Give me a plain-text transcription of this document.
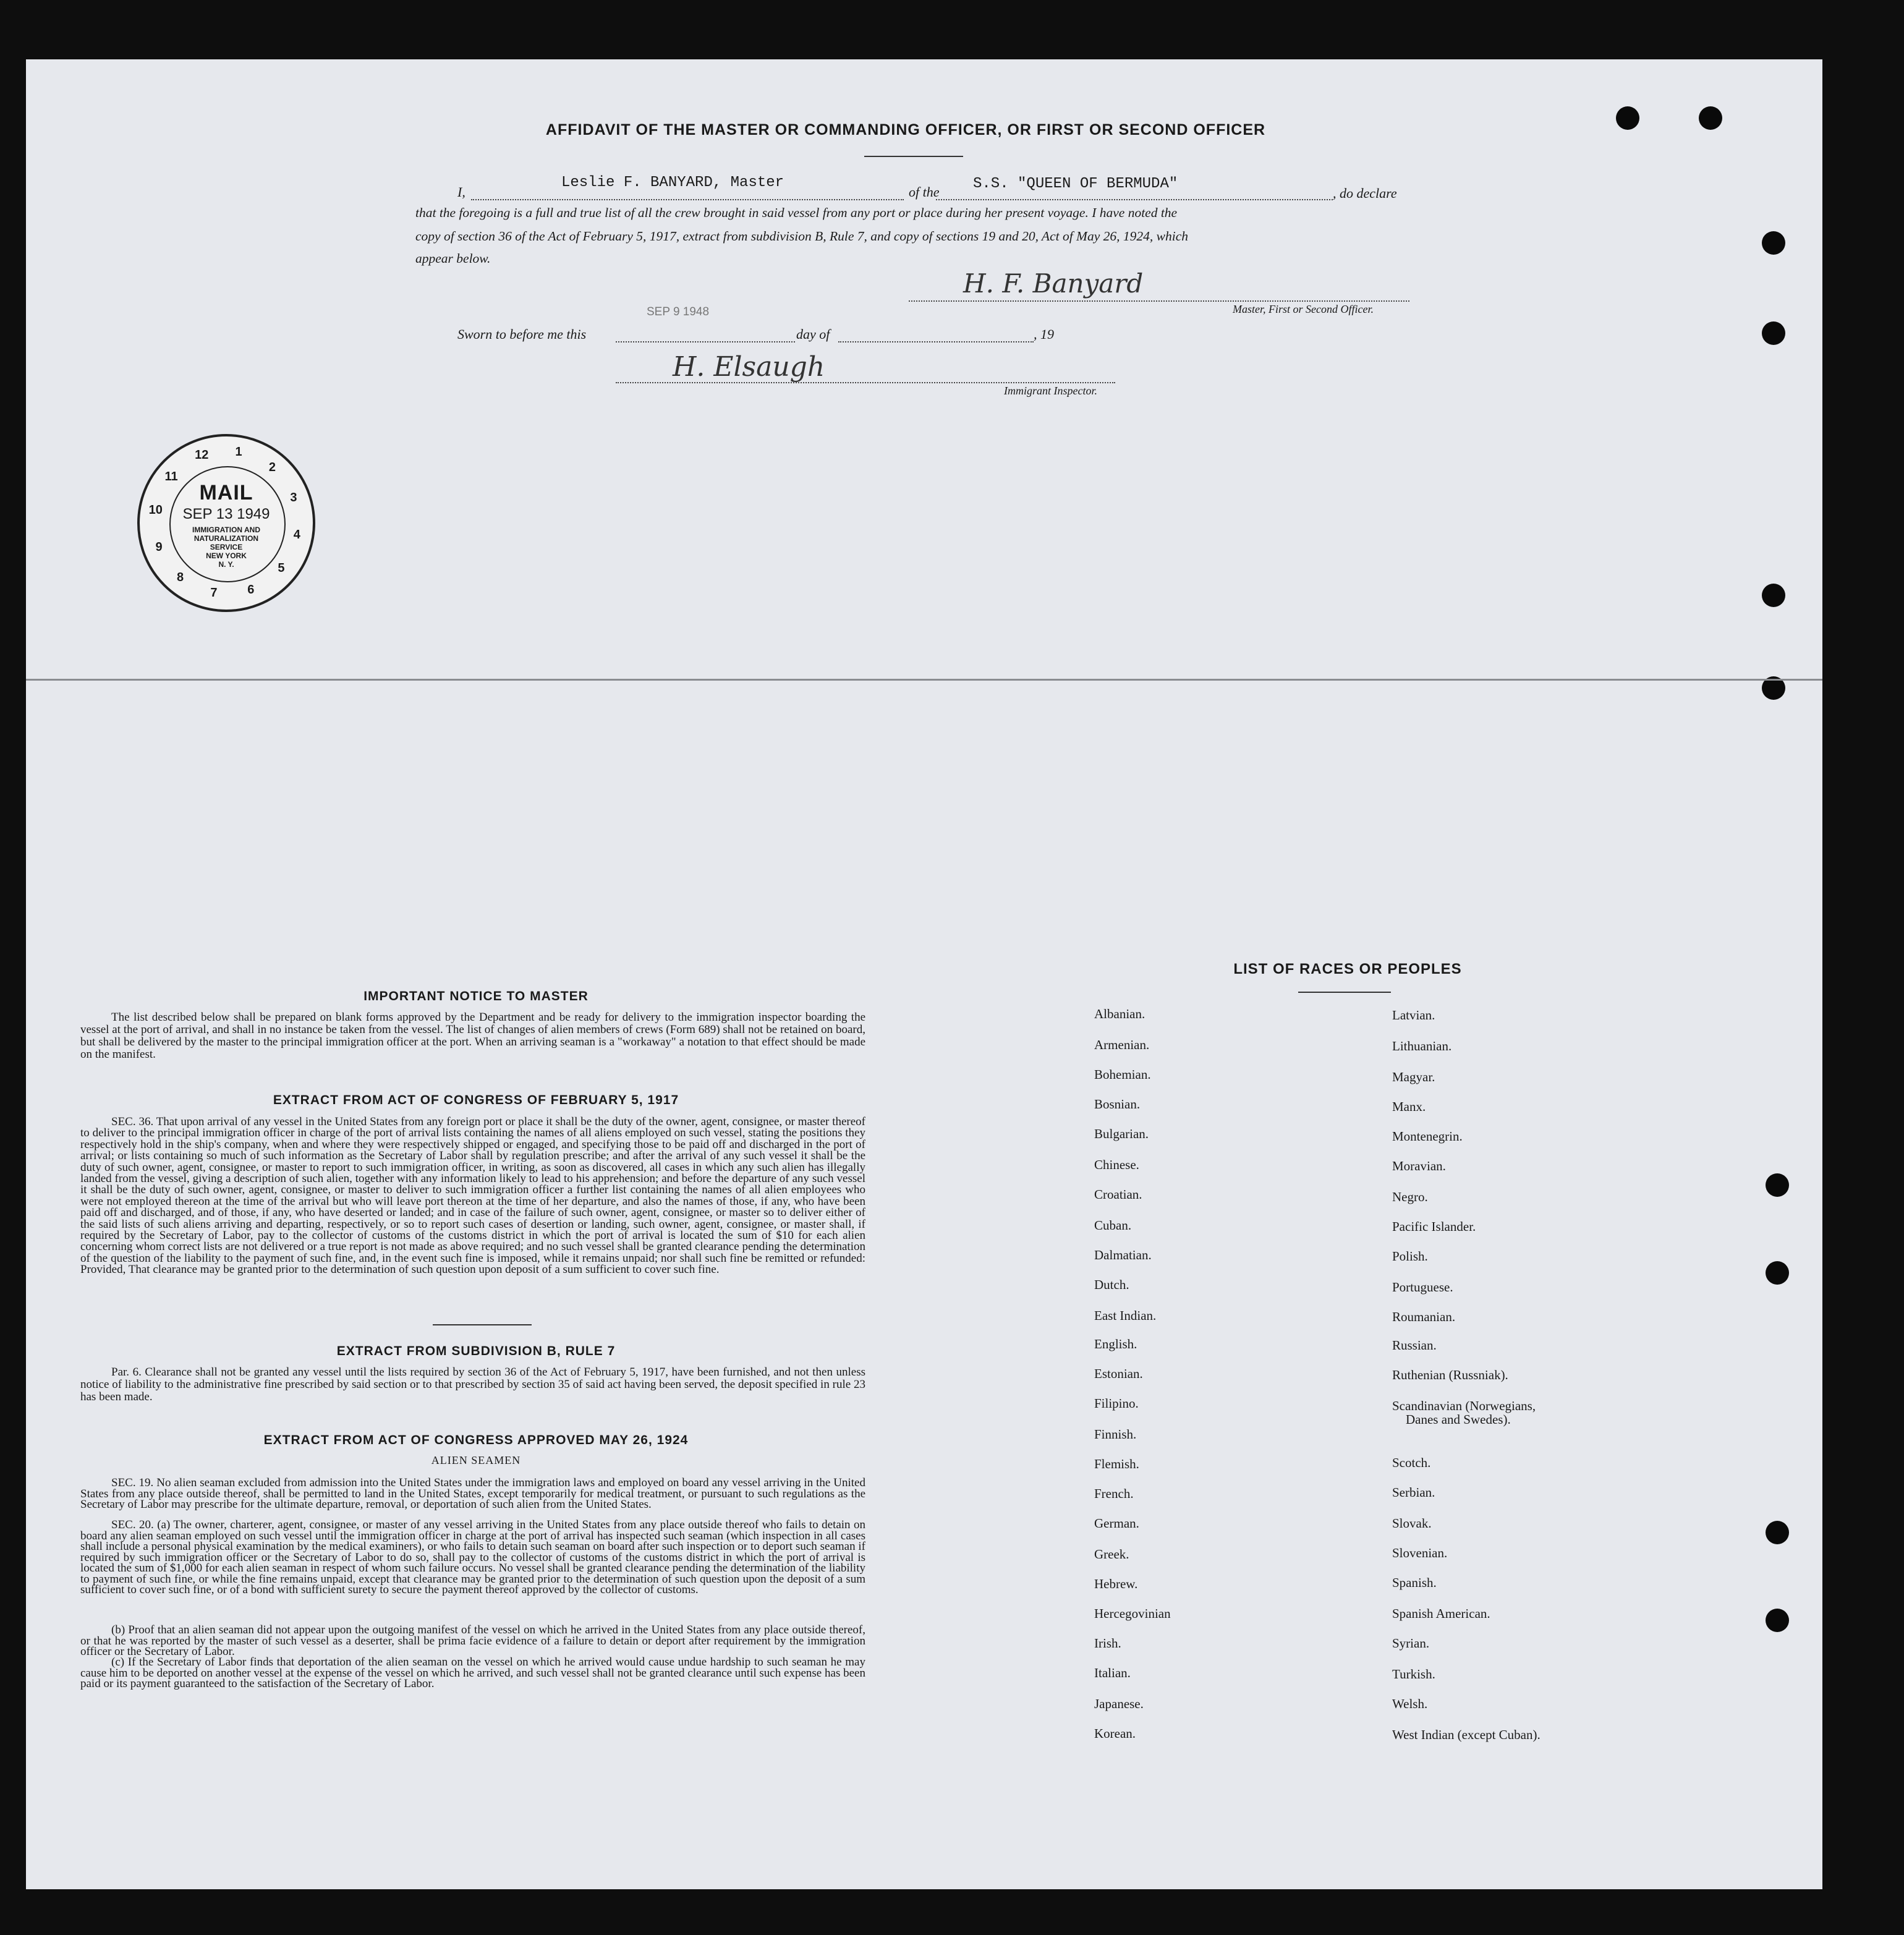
AFFIDAVIT OF THE MASTER OR COMMANDING OFFICER, OR FIRST OR SECOND OFFICER
I,
Leslie F. BANYARD, Master
of the S.S. "QUEEN OF BERMUDA"
, do declare
that the foregoing is a full and true list of all the crew brought in said vessel from any port or place during her present voyage. I have noted the
copy of section 36 of the Act of February 5, 1917, extract from subdivision B, Rule 7, and copy of sections 19 and 20, Act of May 26, 1924, which
appear below.
H. F. Banyard
Master, First or Second Officer.
Sworn to before me this
SEP 9 1948
day of	, 19
H. Elsaugh
Immigrant Inspector.
12	1
2
3
4
5
6
7
8
9
10
11
MAIL
SEP 13 1949
IMMIGRATION AND
NATURALIZATION
SERVICE
NEW YORK
N. Y.
IMPORTANT NOTICE TO MASTER
The list described below shall be prepared on blank forms approved by the Department and be ready for delivery to the immigration inspector boarding the vessel at the port of arrival, and shall in no instance be taken from the vessel. The list of changes of alien members of crews (Form 689) shall not be retained on board, but shall be delivered by the master to the principal immigration officer at the port. When an arriving seaman is a "workaway" a notation to that effect should be made on the manifest.
EXTRACT FROM ACT OF CONGRESS OF FEBRUARY 5, 1917
SEC. 36. That upon arrival of any vessel in the United States from any foreign port or place it shall be the duty of the owner, agent, consignee, or master thereof to deliver to the principal immigration officer in charge of the port of arrival lists containing the names of all aliens employed on such vessel, stating the positions they respectively hold in the ship's company, when and where they were respectively shipped or engaged, and specifying those to be paid off and discharged in the port of arrival; or lists containing so much of such information as the Secretary of Labor shall by regulation prescribe; and after the arrival of any such vessel it shall be the duty of such owner, agent, consignee, or master to report to such immigration officer, in writing, as soon as discovered, all cases in which any such alien has illegally landed from the vessel, giving a description of such alien, together with any information likely to lead to his apprehension; and before the departure of any such vessel it shall be the duty of such owner, agent, consignee, or master to deliver to such immigration officer a further list containing the names of all alien employees who were not employed thereon at the time of the arrival but who will leave port thereon at the time of her departure, and also the names of those, if any, who have been paid off and discharged, and of those, if any, who have deserted or landed; and in case of the failure of such owner, agent, consignee, or master so to deliver either of the said lists of such aliens arriving and departing, respectively, or so to report such cases of desertion or landing, such owner, agent, consignee, or master shall, if required by the Secretary of Labor, pay to the collector of customs of the customs district in which the port of arrival is located the sum of $10 for each alien concerning whom correct lists are not delivered or a true report is not made as above required; and no such vessel shall be granted clearance pending the determination of the question of the liability to the payment of such fine, and, in the event such fine is imposed, while it remains unpaid; nor shall such fine be remitted or refunded: Provided, That clearance may be granted prior to the determination of such question upon deposit of a sum sufficient to cover such fine.
EXTRACT FROM SUBDIVISION B, RULE 7
Par. 6. Clearance shall not be granted any vessel until the lists required by section 36 of the Act of February 5, 1917, have been furnished, and not then unless notice of liability to the administrative fine prescribed by said section or to that prescribed by section 35 of said act having been served, the deposit specified in rule 23 has been made.
EXTRACT FROM ACT OF CONGRESS APPROVED MAY 26, 1924
ALIEN SEAMEN
SEC. 19. No alien seaman excluded from admission into the United States under the immigration laws and employed on board any vessel arriving in the United States from any place outside thereof, shall be permitted to land in the United States, except temporarily for medical treatment, or pursuant to such regulations as the Secretary of Labor may prescribe for the ultimate departure, removal, or deportation of such alien from the United States.
SEC. 20. (a) The owner, charterer, agent, consignee, or master of any vessel arriving in the United States from any place outside thereof who fails to detain on board any alien seaman employed on such vessel until the immigration officer in charge at the port of arrival has inspected such seaman (which inspection in all cases shall include a personal physical examination by the medical examiners), or who fails to detain such seaman on board after such inspection or to deport such seaman if required by such immigration officer or the Secretary of Labor to do so, shall pay to the collector of customs of the customs district in which the port of arrival is located the sum of $1,000 for each alien seaman in respect of whom such failure occurs. No vessel shall be granted clearance pending the determination of the liability to payment of such fine, or while the fine remains unpaid, except that clearance may be granted prior to the determination of such question upon the deposit of a sum sufficient to cover such fine, or of a bond with sufficient surety to secure the payment thereof approved by the collector of customs.
(b) Proof that an alien seaman did not appear upon the outgoing manifest of the vessel on which he arrived in the United States from any place outside thereof, or that he was reported by the master of such vessel as a deserter, shall be prima facie evidence of a failure to detain or deport after requirement by the immigration officer or the Secretary of Labor.
(c) If the Secretary of Labor finds that deportation of the alien seaman on the vessel on which he arrived would cause undue hardship to such seaman he may cause him to be deported on another vessel at the expense of the vessel on which he arrived, and such vessel shall not be granted clearance until such expense has been paid or its payment guaranteed to the satisfaction of the Secretary of Labor.
LIST OF RACES OR PEOPLES
Albanian.
Armenian.
Bohemian.
Bosnian.
Bulgarian.
Chinese.
Croatian.
Cuban.
Dalmatian.
Dutch.
East Indian.
English.
Estonian.
Filipino.
Finnish.
Flemish.
French.
German.
Greek.
Hebrew.
Hercegovinian
Irish.
Italian.
Japanese.
Korean.
Latvian.
Lithuanian.
Magyar.
Manx.
Montenegrin.
Moravian.
Negro.
Pacific Islander.
Polish.
Portuguese.
Roumanian.
Russian.
Ruthenian (Russniak).
Scandinavian (Norwegians,
Danes and Swedes).
Scotch.
Serbian.
Slovak.
Slovenian.
Spanish.
Spanish American.
Syrian.
Turkish.
Welsh.
West Indian (except Cuban).
